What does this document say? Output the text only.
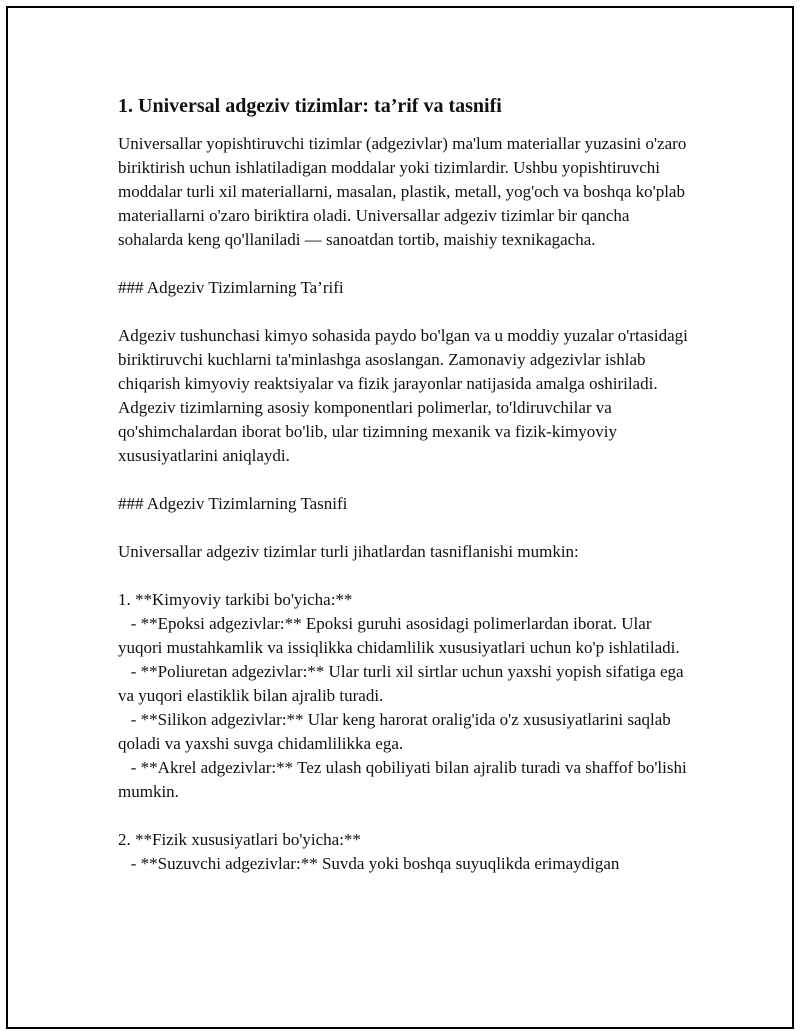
1. Universal adgeziv tizimlar: ta’rif va tasnifi

Universallar yopishtiruvchi tizimlar (adgezivlar) ma'lum materiallar yuzasini o'zaro biriktirish uchun ishlatiladigan moddalar yoki tizimlardir. Ushbu yopishtiruvchi moddalar turli xil materiallarni, masalan, plastik, metall, yog'och va boshqa ko'plab materiallarni o'zaro biriktira oladi. Universallar adgeziv tizimlar bir qancha sohalarda keng qo'llaniladi — sanoatdan tortib, maishiy texnikagacha.

### Adgeziv Tizimlarning Ta’rifi

Adgeziv tushunchasi kimyo sohasida paydo bo'lgan va u moddiy yuzalar o'rtasidagi biriktiruvchi kuchlarni ta'minlashga asoslangan. Zamonaviy adgezivlar ishlab chiqarish kimyoviy reaktsiyalar va fizik jarayonlar natijasida amalga oshiriladi. Adgeziv tizimlarning asosiy komponentlari polimerlar, to'ldiruvchilar va qo'shimchalardan iborat bo'lib, ular tizimning mexanik va fizik-kimyoviy xususiyatlarini aniqlaydi.

### Adgeziv Tizimlarning Tasnifi

Universallar adgeziv tizimlar turli jihatlardan tasniflanishi mumkin:

1. **Kimyoviy tarkibi bo'yicha:**

- **Epoksi adgezivlar:** Epoksi guruhi asosidagi polimerlardan iborat. Ular yuqori mustahkamlik va issiqlikka chidamlilik xususiyatlari uchun ko'p ishlatiladi.

- **Poliuretan adgezivlar:** Ular turli xil sirtlar uchun yaxshi yopish sifatiga ega va yuqori elastiklik bilan ajralib turadi.

- **Silikon adgezivlar:** Ular keng harorat oralig'ida o'z xususiyatlarini saqlab qoladi va yaxshi suvga chidamlilikka ega.

- **Akrel adgezivlar:** Tez ulash qobiliyati bilan ajralib turadi va shaffof bo'lishi mumkin.

2. **Fizik xususiyatlari bo'yicha:**

- **Suzuvchi adgezivlar:** Suvda yoki boshqa suyuqlikda erimaydigan
